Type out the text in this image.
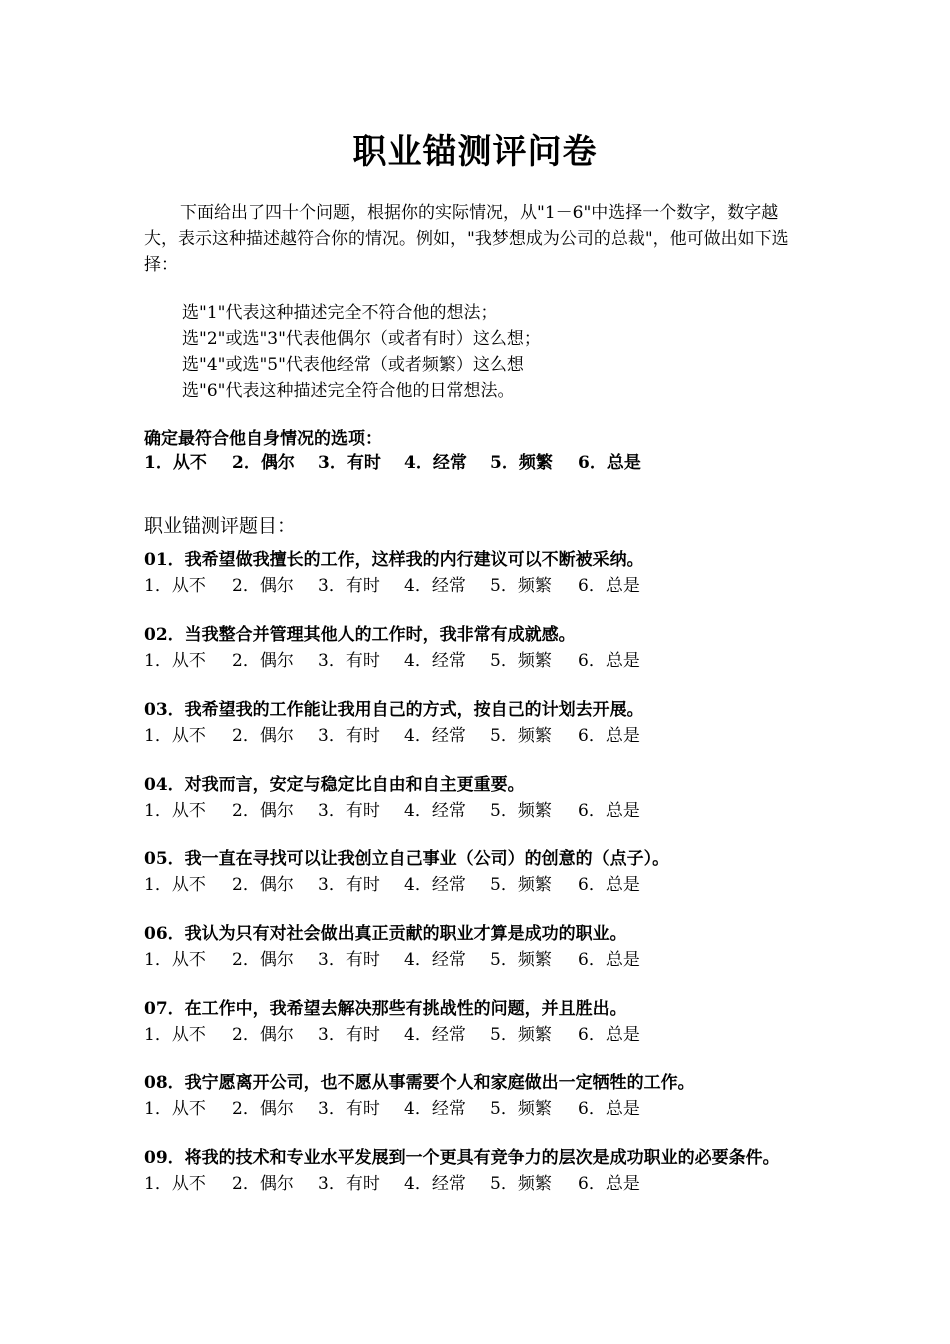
职业锚测评问卷
下面给出了四十个问题，根据你的实际情况，从"1－6"中选择一个数字，数字越大，表示这种描述越符合你的情况。例如，"我梦想成为公司的总裁"，他可做出如下选择：
选"1"代表这种描述完全不符合他的想法；
选"2"或选"3"代表他偶尔（或者有时）这么想；
选"4"或选"5"代表他经常（或者频繁）这么想
选"6"代表这种描述完全符合他的日常想法。
确定最符合他自身情况的选项：
1．从不 2．偶尔 3．有时 4．经常 5．频繁 6．总是
职业锚测评题目：
01．我希望做我擅长的工作，这样我的内行建议可以不断被采纳。
1．从不 2．偶尔 3．有时 4．经常 5．频繁 6．总是
02．当我整合并管理其他人的工作时，我非常有成就感。
1．从不 2．偶尔 3．有时 4．经常 5．频繁 6．总是
03．我希望我的工作能让我用自己的方式，按自己的计划去开展。
1．从不 2．偶尔 3．有时 4．经常 5．频繁 6．总是
04．对我而言，安定与稳定比自由和自主更重要。
1．从不 2．偶尔 3．有时 4．经常 5．频繁 6．总是
05．我一直在寻找可以让我创立自己事业（公司）的创意的（点子）。
1．从不 2．偶尔 3．有时 4．经常 5．频繁 6．总是
06．我认为只有对社会做出真正贡献的职业才算是成功的职业。
1．从不 2．偶尔 3．有时 4．经常 5．频繁 6．总是
07．在工作中，我希望去解决那些有挑战性的问题，并且胜出。
1．从不 2．偶尔 3．有时 4．经常 5．频繁 6．总是
08．我宁愿离开公司，也不愿从事需要个人和家庭做出一定牺牲的工作。
1．从不 2．偶尔 3．有时 4．经常 5．频繁 6．总是
09．将我的技术和专业水平发展到一个更具有竞争力的层次是成功职业的必要条件。
1．从不 2．偶尔 3．有时 4．经常 5．频繁 6．总是
